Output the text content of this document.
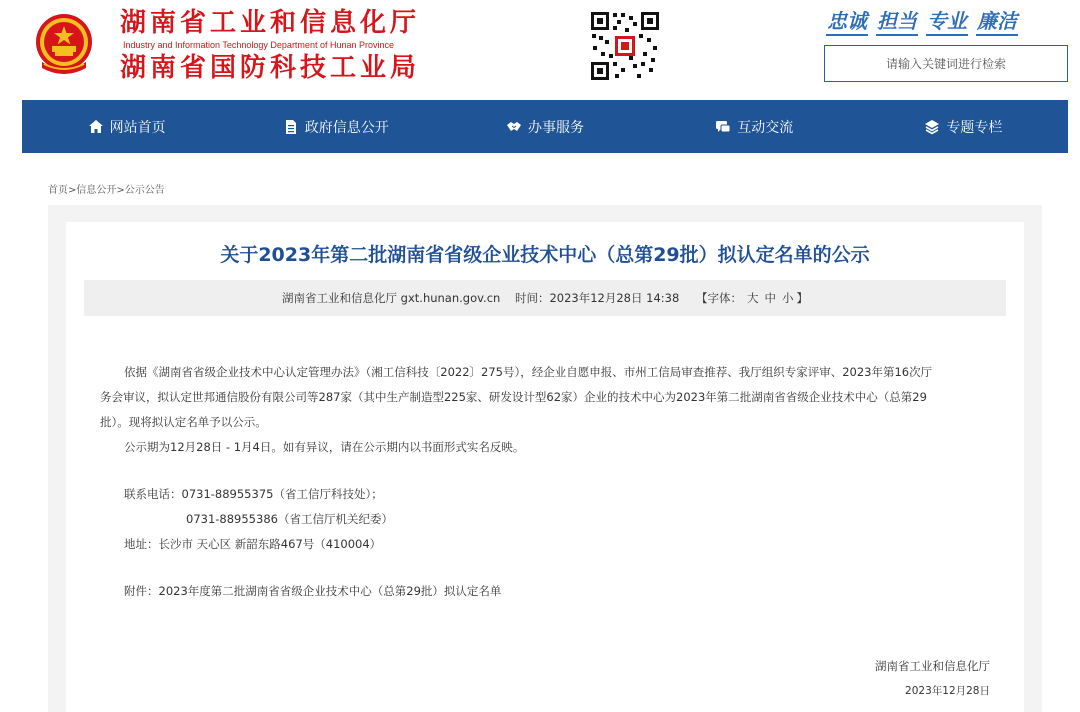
湖南省工业和信息化厅
Industry and Information Technology Department of Hunan Province
湖南省国防科技工业局
忠诚 担当 专业 廉洁
请输入关键词进行检索
网站首页	政府信息公开	办事服务	互动交流	专题专栏
首页>信息公开>公示公告
关于2023年第二批湖南省省级企业技术中心（总第29批）拟认定名单的公示
湖南省工业和信息化厅 gxt.hunan.gov.cn 时间：2023年12月28日 14:38 【字体： 大 中 小 】
依据《湖南省省级企业技术中心认定管理办法》（湘工信科技〔2022〕275号），经企业自愿申报、市州工信局审查推荐、我厅组织专家评审、2023年第16次厅
务会审议，拟认定世邦通信股份有限公司等287家（其中生产制造型225家、研发设计型62家）企业的技术中心为2023年第二批湖南省省级企业技术中心（总第29
批）。现将拟认定名单予以公示。
公示期为12月28日 - 1月4日。如有异议，请在公示期内以书面形式实名反映。
联系电话：0731-88955375（省工信厅科技处）；
0731-88955386（省工信厅机关纪委）
地址：长沙市 天心区 新韶东路467号（410004）
附件：2023年度第二批湖南省省级企业技术中心（总第29批）拟认定名单
湖南省工业和信息化厅
2023年12月28日
